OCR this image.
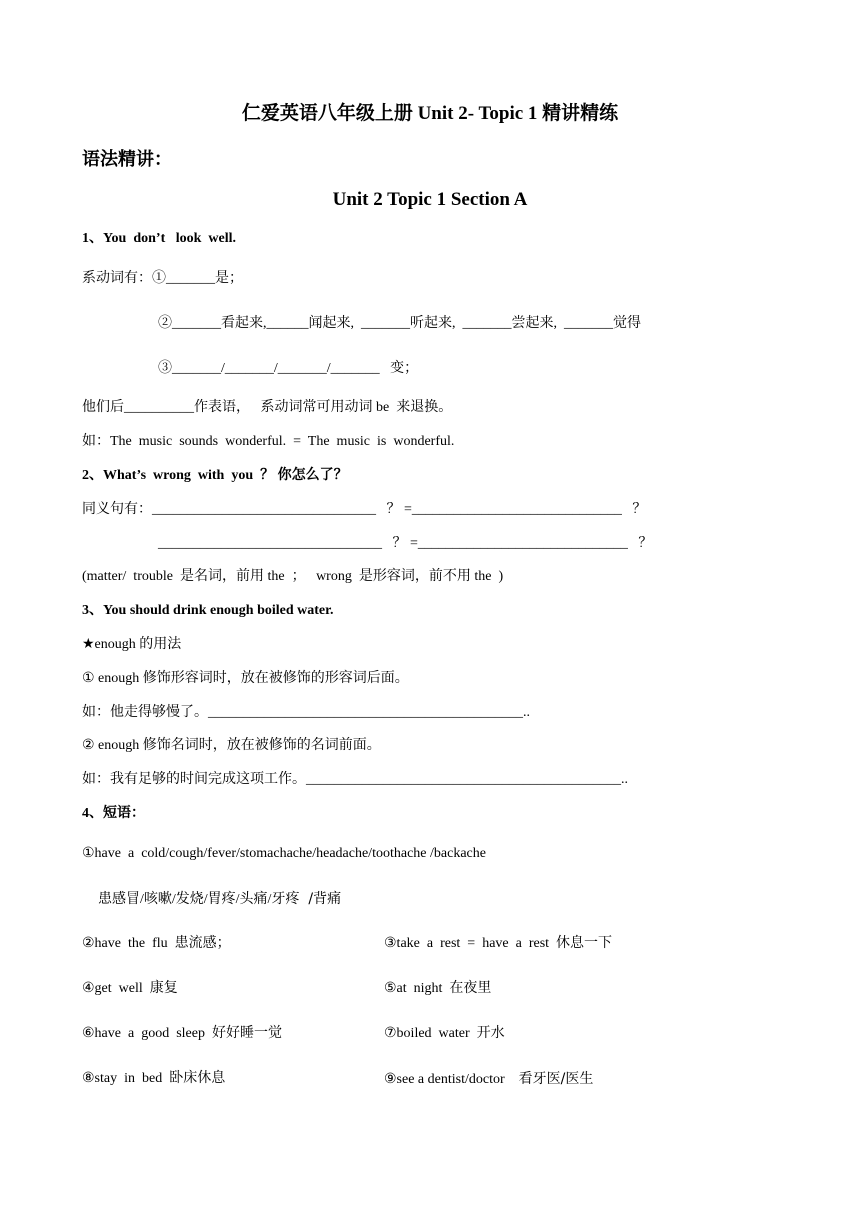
仁爱英语八年级上册 Unit 2- Topic 1 精讲精练
语法精讲：
Unit 2 Topic 1 Section A
1、You  don’t   look  well.
系动词有：①_______是；
②_______看起来,______闻起来,  _______听起来,  _______尝起来,  _______觉得
③_______/_______/_______/_______   变；
他们后__________作表语，   系动词常可用动词 be  来退换。
如：The  music  sounds  wonderful.  =  The  music  is  wonderful.
2、What’s  wrong  with  you  ？ 你怎么了？
同义句有：________________________________   ？ =______________________________   ？
________________________________   ？ =______________________________   ？
(matter/  trouble  是名词，前用 the  ；   wrong  是形容词，前不用 the  )
3、You should drink enough boiled water.
★enough 的用法
① enough 修饰形容词时，放在被修饰的形容词后面。
如：他走得够慢了。_____________________________________________..
② enough 修饰名词时，放在被修饰的名词前面。
如：我有足够的时间完成这项工作。_____________________________________________..
4、短语：
①have  a  cold/cough/fever/stomachache/headache/toothache /backache
患感冒/咳嗽/发烧/胃疼/头痛/牙疼  /背痛
②have  the  flu  患流感；	③take  a  rest  =  have  a  rest  休息一下
④get  well  康复	⑤at  night  在夜里
⑥have  a  good  sleep  好好睡一觉	⑦boiled  water  开水
⑧stay  in  bed  卧床休息	⑨see a dentist/doctor 看牙医/医生
